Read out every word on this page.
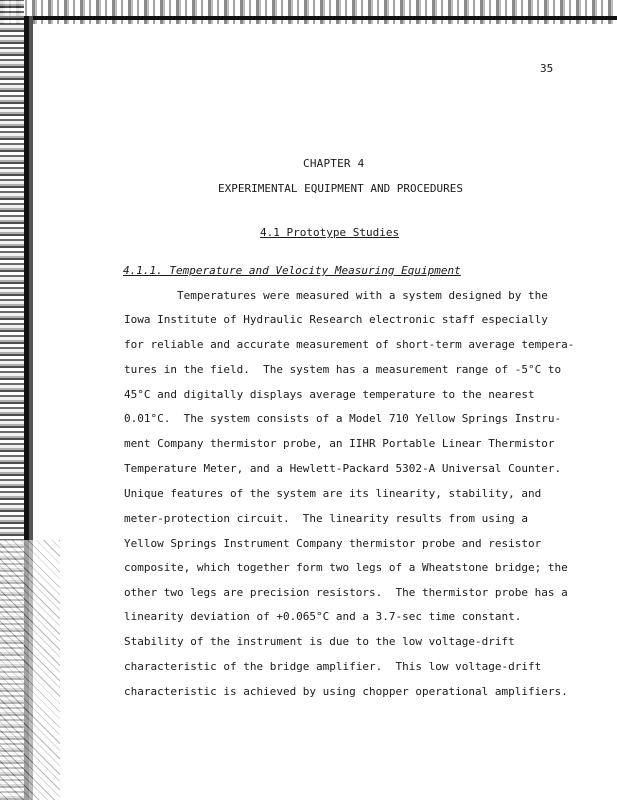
35
CHAPTER 4
EXPERIMENTAL EQUIPMENT AND PROCEDURES
4.1 Prototype Studies
4.1.1. Temperature and Velocity Measuring Equipment
Temperatures were measured with a system designed by the
Iowa Institute of Hydraulic Research electronic staff especially
for reliable and accurate measurement of short-term average tempera-
tures in the field.  The system has a measurement range of -5°C to
45°C and digitally displays average temperature to the nearest
0.01°C.  The system consists of a Model 710 Yellow Springs Instru-
ment Company thermistor probe, an IIHR Portable Linear Thermistor
Temperature Meter, and a Hewlett-Packard 5302-A Universal Counter.
Unique features of the system are its linearity, stability, and
meter-protection circuit.  The linearity results from using a
Yellow Springs Instrument Company thermistor probe and resistor
composite, which together form two legs of a Wheatstone bridge; the
other two legs are precision resistors.  The thermistor probe has a
linearity deviation of +0.065°C and a 3.7-sec time constant.
Stability of the instrument is due to the low voltage-drift
characteristic of the bridge amplifier.  This low voltage-drift
characteristic is achieved by using chopper operational amplifiers.
